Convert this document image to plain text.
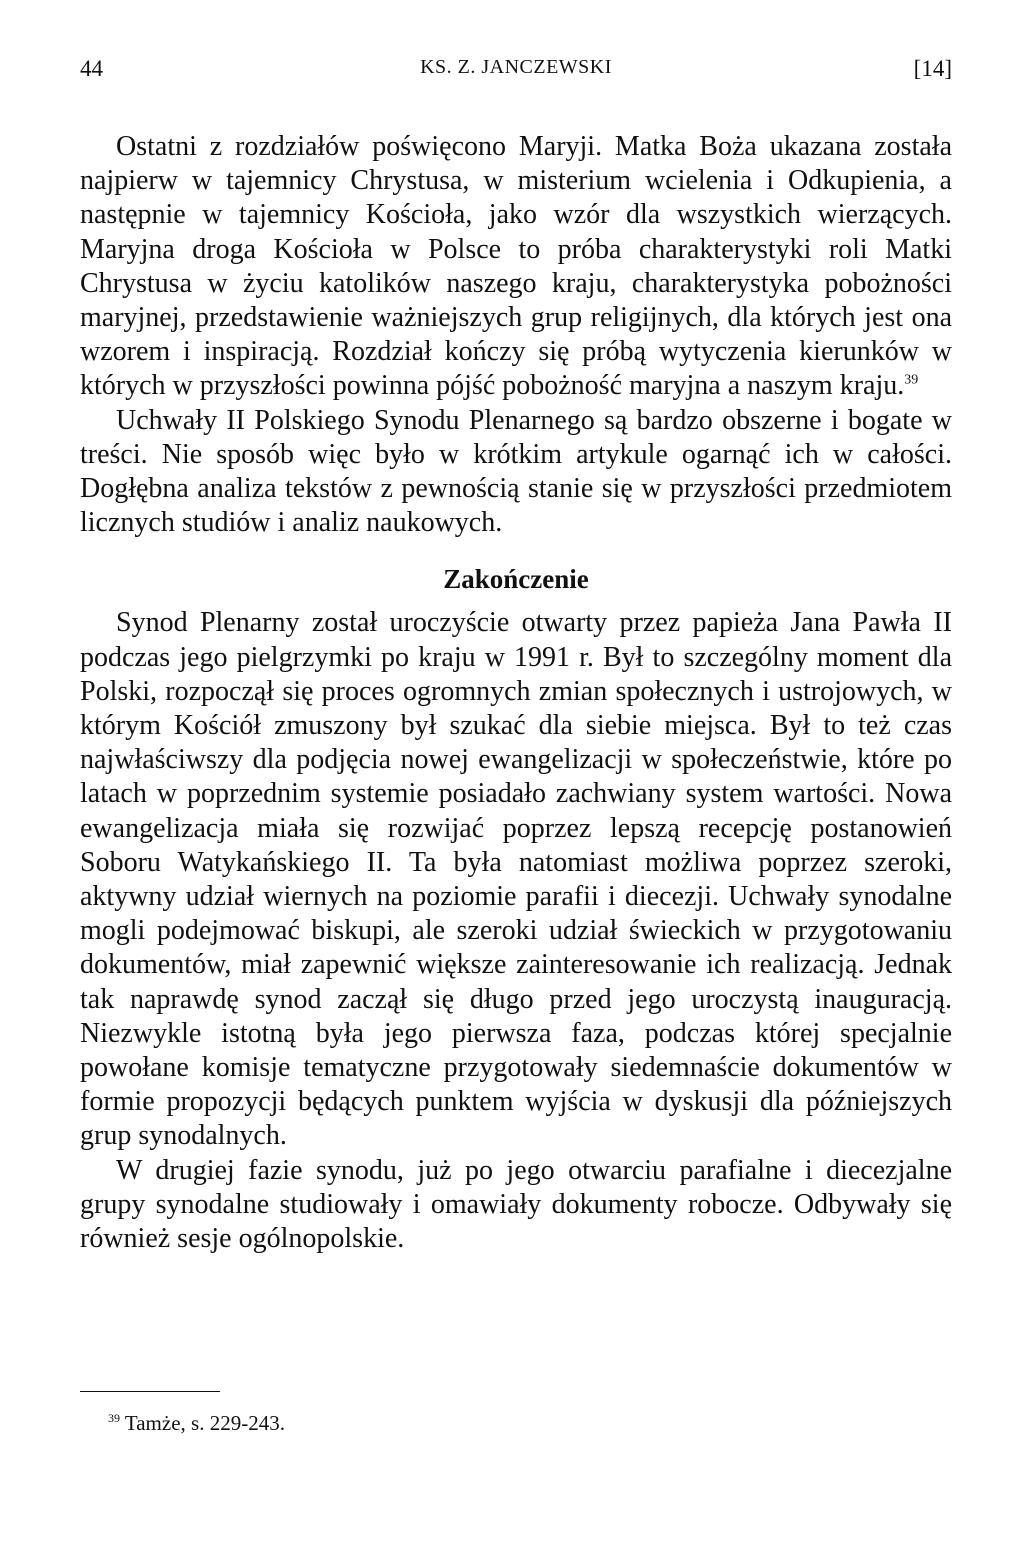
44	KS. Z. JANCZEWSKI	[14]

Ostatni z rozdziałów poświęcono Maryji. Matka Boża ukazana została najpierw w tajemnicy Chrystusa, w misterium wcielenia i Odkupienia, a następnie w tajemnicy Kościoła, jako wzór dla wszystkich wierzących. Maryjna droga Kościoła w Polsce to próba charakterystyki roli Matki Chrystusa w życiu katolików naszego kraju, charakterystyka pobożności maryjnej, przedstawienie ważniejszych grup religijnych, dla których jest ona wzorem i inspiracją. Rozdział kończy się próbą wytyczenia kierunków w których w przyszłości powinna pójść pobożność maryjna a naszym kraju.$^{39}$

Uchwały II Polskiego Synodu Plenarnego są bardzo obszerne i bogate w treści. Nie sposób więc było w krótkim artykule ogarnąć ich w całości. Dogłębna analiza tekstów z pewnością stanie się w przyszłości przedmiotem licznych studiów i analiz naukowych.

Zakończenie

Synod Plenarny został uroczyście otwarty przez papieża Jana Pawła II podczas jego pielgrzymki po kraju w 1991 r. Był to szczególny moment dla Polski, rozpoczął się proces ogromnych zmian społecznych i ustrojowych, w którym Kościół zmuszony był szukać dla siebie miejsca. Był to też czas najwłaściwszy dla podjęcia nowej ewangelizacji w społeczeństwie, które po latach w poprzednim systemie posiadało zachwiany system wartości. Nowa ewangelizacja miała się rozwijać poprzez lepszą recepcję postanowień Soboru Watykańskiego II. Ta była natomiast możliwa poprzez szeroki, aktywny udział wiernych na poziomie parafii i diecezji. Uchwały synodalne mogli podejmować biskupi, ale szeroki udział świeckich w przygotowaniu dokumentów, miał zapewnić większe zainteresowanie ich realizacją. Jednak tak naprawdę synod zaczął się długo przed jego uroczystą inauguracją. Niezwykle istotną była jego pierwsza faza, podczas której specjalnie powołane komisje tematyczne przygotowały siedemnaście dokumentów w formie propozycji będących punktem wyjścia w dyskusji dla późniejszych grup synodalnych.

W drugiej fazie synodu, już po jego otwarciu parafialne i diecezjalne grupy synodalne studiowały i omawiały dokumenty robocze. Odbywały się również sesje ogólnopolskie.

$^{39}$ Tamże, s. 229-243.
